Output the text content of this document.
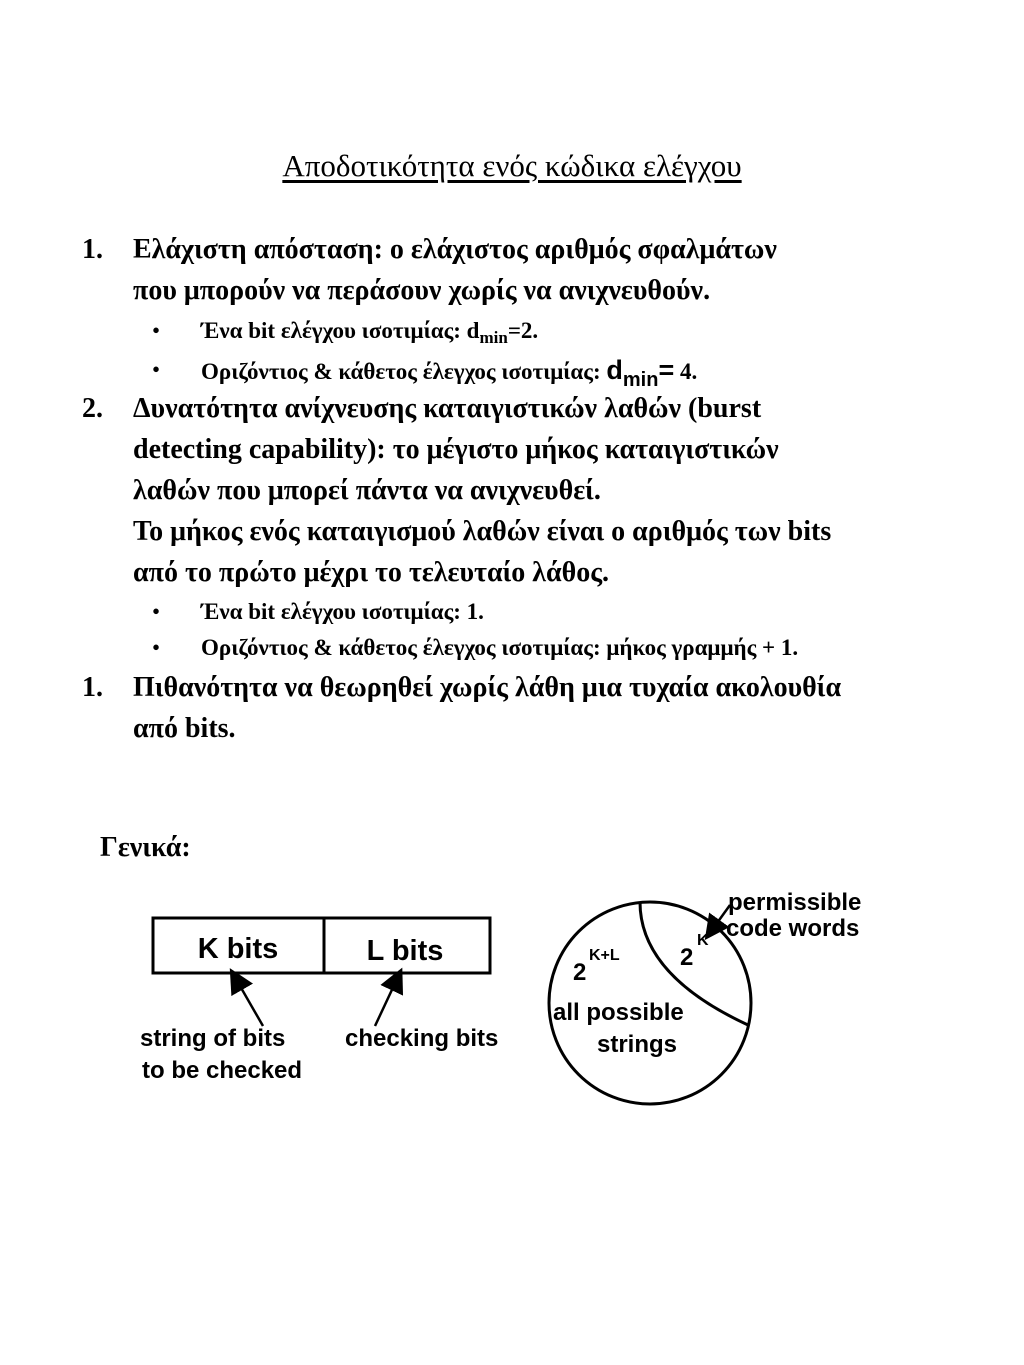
Αποδοτικότητα ενός κώδικα ελέγχου
1. Ελάχιστη απόσταση: ο ελάχιστος αριθμός σφαλμάτων
που μπορούν να περάσουν χωρίς να ανιχνευθούν.
• Ένα bit ελέγχου ισοτιμίας: $d_{min}=2$.
• Οριζόντιος & κάθετος έλεγχος ισοτιμίας: dmin= 4.
2. Δυνατότητα ανίχνευσης καταιγιστικών λαθών (burst
detecting capability): το μέγιστο μήκος καταιγιστικών
λαθών που μπορεί πάντα να ανιχνευθεί.
Το μήκος ενός καταιγισμού λαθών είναι ο αριθμός των bits
από το πρώτο μέχρι το τελευταίο λάθος.
• Ένα bit ελέγχου ισοτιμίας: 1.
• Οριζόντιος & κάθετος έλεγχος ισοτιμίας: μήκος γραμμής + 1.
1. Πιθανότητα να θεωρηθεί χωρίς λάθη μια τυχαία ακολουθία
από bits.
Γενικά:
K bits	L bits
string of bits
to be checked
checking bits
2
K+L	2
K
all possible
strings
permissible
code words
